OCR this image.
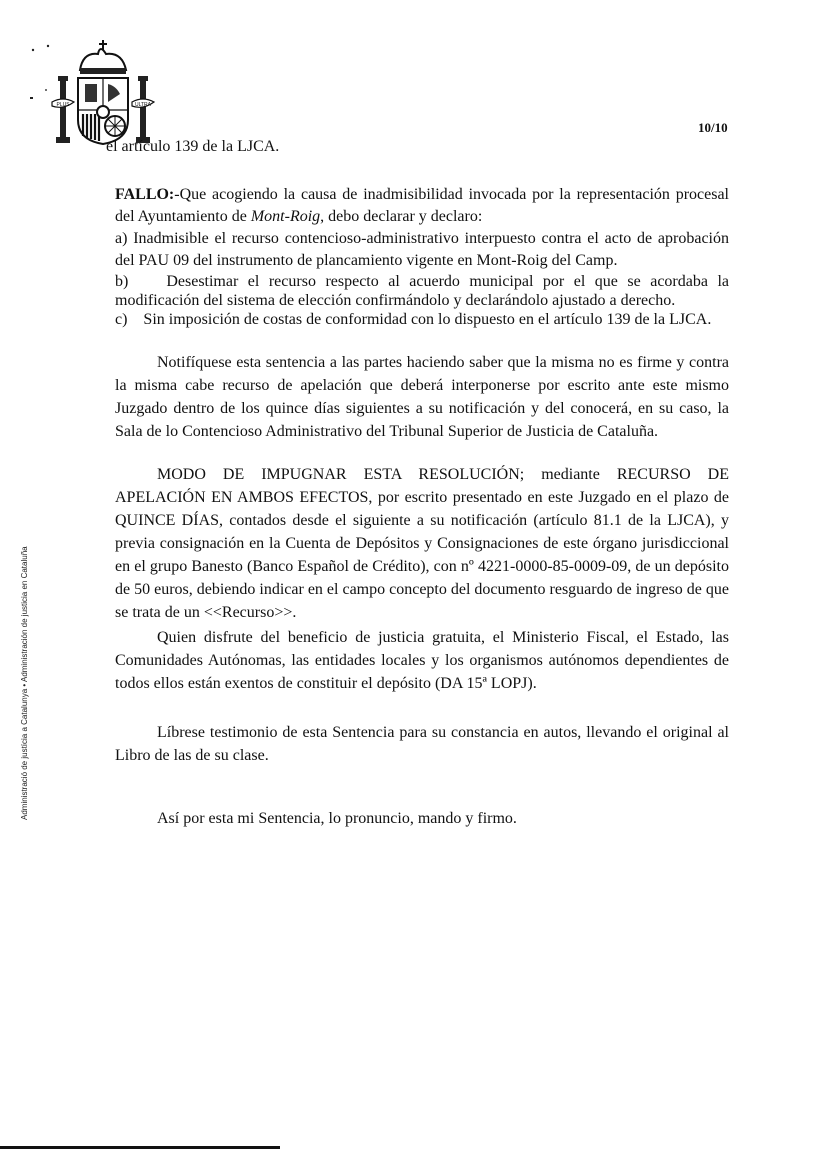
PLUS	ULTRA
el artículo 139 de la LJCA.
10/10

FALLO:-Que acogiendo la causa de inadmisibilidad invocada por la representación procesal del Ayuntamiento de Mont-Roig, debo declarar y declaro:

a) Inadmisible el recurso contencioso-administrativo interpuesto contra el acto de aprobación del PAU 09 del instrumento de plancamiento vigente en Mont-Roig del Camp.

b)    Desestimar el recurso respecto al acuerdo municipal por el que se acordaba la modificación del sistema de elección confirmándolo y declarándolo ajustado a derecho.

c)    Sin imposición de costas de conformidad con lo dispuesto en el artículo 139 de la LJCA.

Notifíquese esta sentencia a las partes haciendo saber que la misma no es firme y contra la misma cabe recurso de apelación que deberá interponerse por escrito ante este mismo Juzgado dentro de los quince días siguientes a su notificación y del conocerá, en su caso, la Sala de lo Contencioso Administrativo del Tribunal Superior de Justicia de Cataluña.

MODO DE IMPUGNAR ESTA RESOLUCIÓN; mediante RECURSO DE APELACIÓN EN AMBOS EFECTOS, por escrito presentado en este Juzgado en el plazo de QUINCE DÍAS, contados desde el siguiente a su notificación (artículo 81.1 de la LJCA), y previa consignación en la Cuenta de Depósitos y Consignaciones de este órgano jurisdiccional en el grupo Banesto (Banco Español de Crédito), con nº 4221-0000-85-0009-09, de un depósito de 50 euros, debiendo indicar en el campo concepto del documento resguardo de ingreso de que se trata de un <<Recurso>>.

Quien disfrute del beneficio de justicia gratuita, el Ministerio Fiscal, el Estado, las Comunidades Autónomas, las entidades locales y los organismos autónomos dependientes de todos ellos están exentos de constituir el depósito (DA 15ª LOPJ).

Líbrese testimonio de esta Sentencia para su constancia en autos, llevando el original al Libro de las de su clase.

Así por esta mi Sentencia, lo pronuncio, mando y firmo.

Administració de justícia a Catalunya • Administración de justicia en Cataluña
